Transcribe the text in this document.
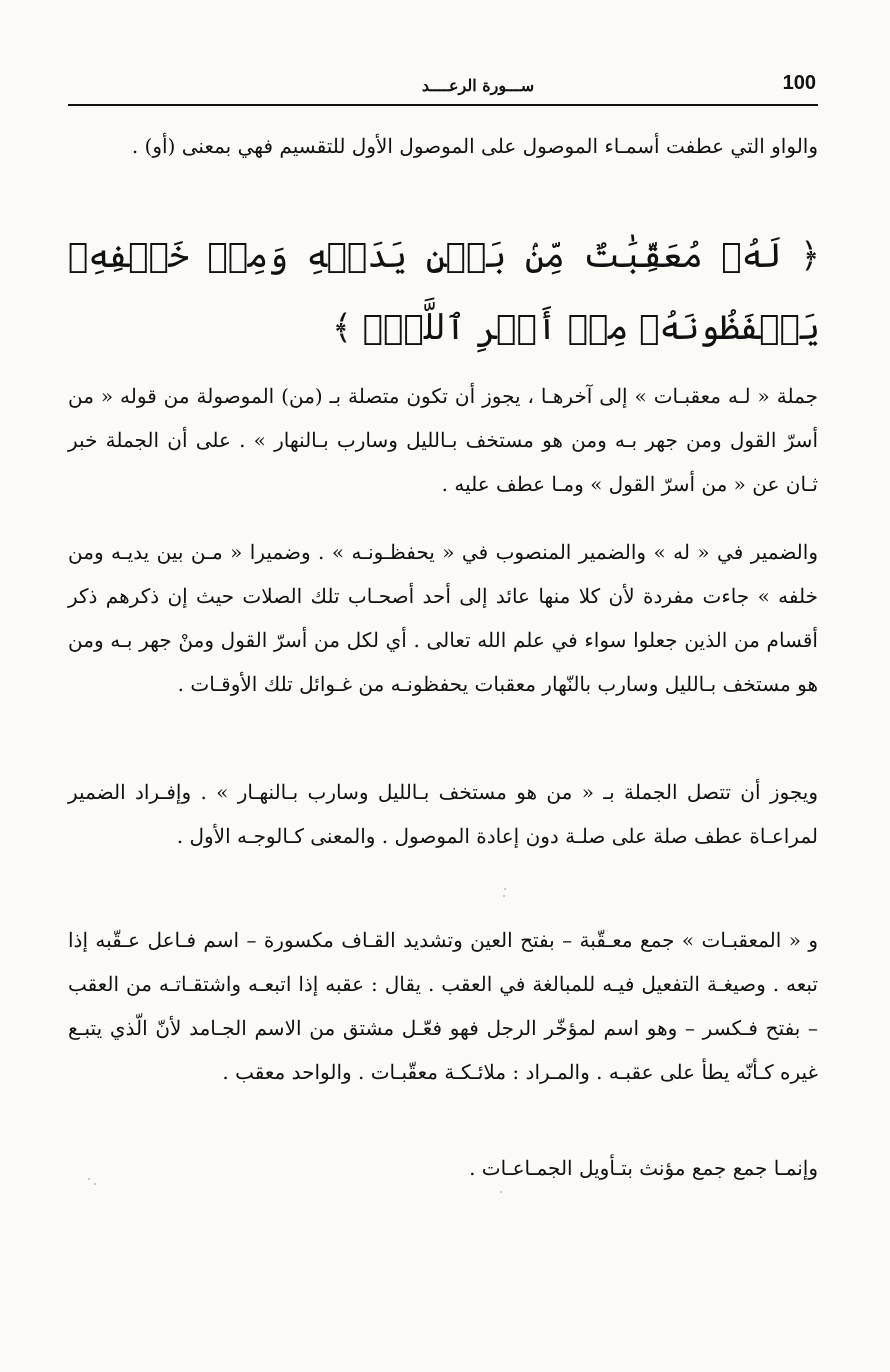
100
ســـورة الرعــــد

والواو التي عطفت أسمـاء الموصول على الموصول الأول للتقسيم فهي بمعنى (أو) .

﴿ لَهُۥ مُعَقِّبَٰتٌ مِّنۢ بَيۡنِ يَدَيۡهِ وَمِنۡ خَلۡفِهِۦ يَحۡفَظُونَهُۥ مِنۡ أَمۡرِ ٱللَّهِۗ ﴾

جملة « لـه معقبـات » إلى آخرهـا ، يجوز أن تكون متصلة بـ (من) الموصولة من قوله « من أسرّ القول ومن جهر بـه ومن هو مستخف بـالليل وسارب بـالنهار » . على أن الجملة خبر ثـان عن « من أسرّ القول » ومـا عطف عليه .

والضمير في « له » والضمير المنصوب في « يحفظـونـه » . وضميرا « مـن بين يديـه ومن خلفه » جاءت مفردة لأن كلا منها عائد إلى أحد أصحـاب تلك الصلات حيث إن ذكرهم ذكر أقسام من الذين جعلوا سواء في علم الله تعالى . أي لكل من أسرّ القول ومنْ جهر بـه ومن هو مستخف بـالليل وسارب بالنّهار معقبات يحفظونـه من غـوائل تلك الأوقـات .

ويجوز أن تتصل الجملة بـ « من هو مستخف بـالليل وسارب بـالنهـار » . وإفـراد الضمير لمراعـاة عطف صلة على صلـة دون إعادة الموصول . والمعنى كـالوجـه الأول .

و « المعقبـات » جمع معـقّبة – بفتح العين وتشديد القـاف مكسورة – اسم فـاعل عـقّبه إذا تبعه . وصيغـة التفعيل فيـه للمبالغة في العقب . يقال : عقبه إذا اتبعـه واشتقـاتـه من العقب – بفتح فـكسر – وهو اسم لمؤخّر الرجل فهو فعّـل مشتق من الاسم الجـامد لأنّ الّذي يتبـع غيره كـأنّه يطأ على عقبـه . والمـراد : ملائـكـة معقّبـات . والواحد معقب .

وإنمـا جمع جمع مؤنث بتـأويل الجمـاعـات .
